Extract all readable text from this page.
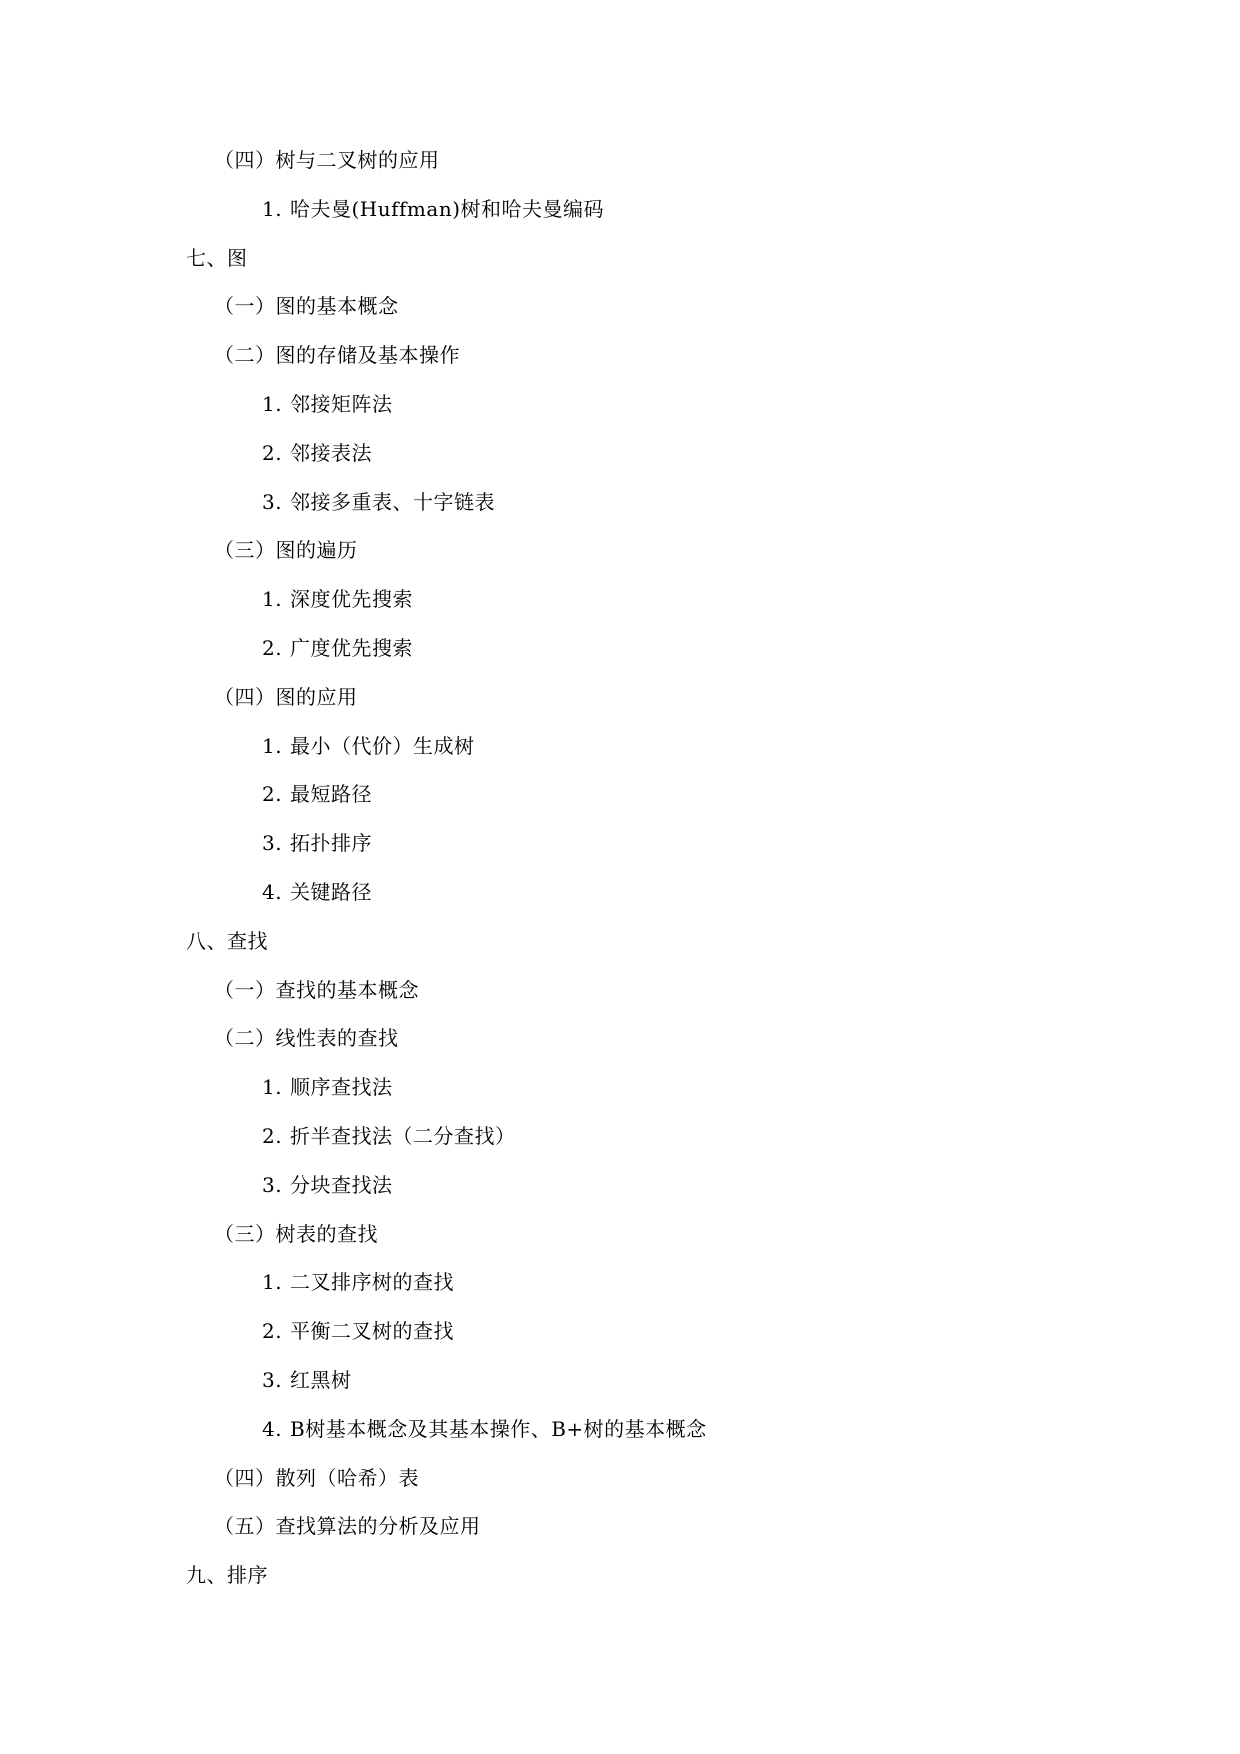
（四）树与二叉树的应用
1. 哈夫曼(Huffman)树和哈夫曼编码
七、图
（一）图的基本概念
（二）图的存储及基本操作
1. 邻接矩阵法
2. 邻接表法
3. 邻接多重表、十字链表
（三）图的遍历
1. 深度优先搜索
2. 广度优先搜索
（四）图的应用
1. 最小（代价）生成树
2. 最短路径
3. 拓扑排序
4. 关键路径
八、查找
（一）查找的基本概念
（二）线性表的查找
1. 顺序查找法
2. 折半查找法（二分查找）
3. 分块查找法
（三）树表的查找
1. 二叉排序树的查找
2. 平衡二叉树的查找
3. 红黑树
4. B树基本概念及其基本操作、B+树的基本概念
（四）散列（哈希）表
（五）查找算法的分析及应用
九、排序
